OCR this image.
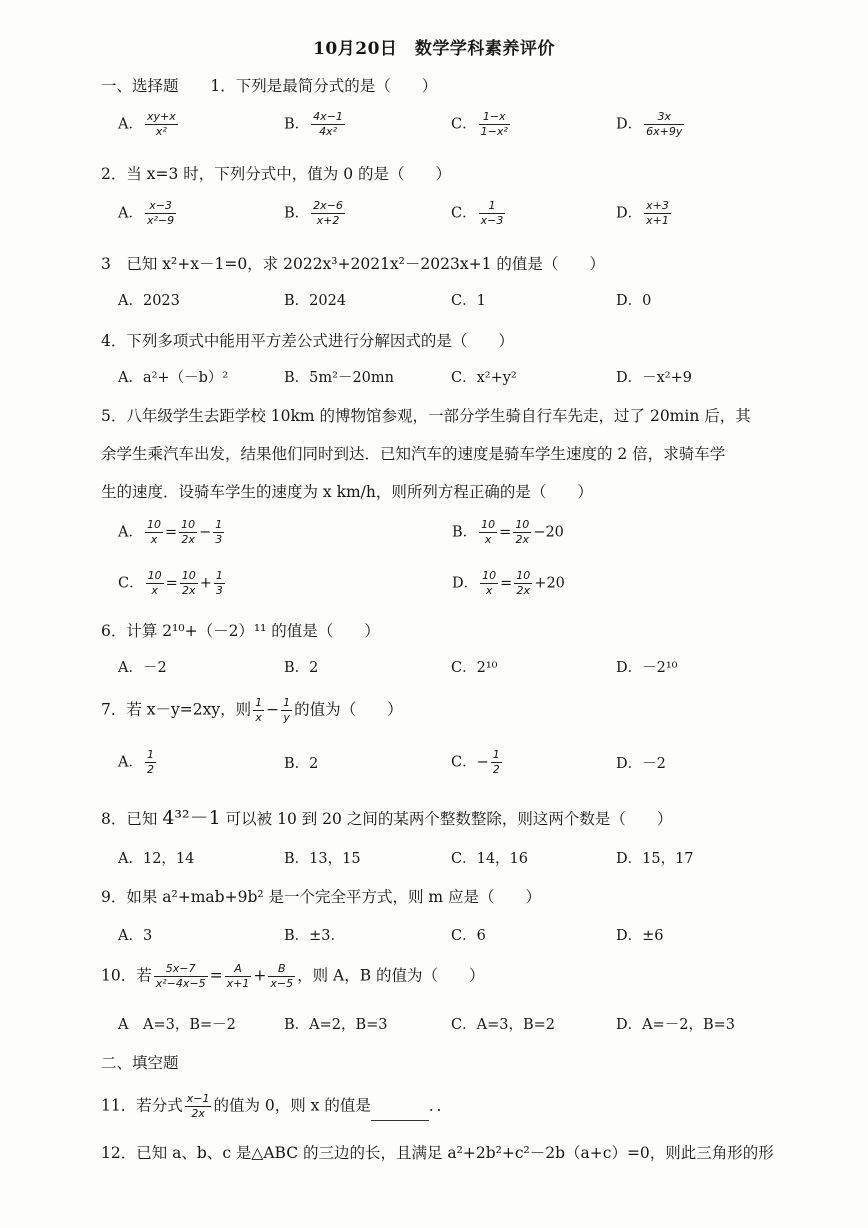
10月20日　数学学科素养评价
一、选择题 1．下列是最简分式的是（　　）
A． $\frac{xy+x}{\text{x²}}$	B． $\frac{4x-1}{\text{4x²}}$	C． $\frac{1-x}{\text{1−x²}}$	D． $\frac{3x}{6x+9y}$
2．当 x=3 时，下列分式中，值为 0 的是（　　）
A． $\frac{x-3}{\text{x²−9}}$	B． $\frac{2x-6}{x+2}$	C． $\frac{1}{x-3}$	D． $\frac{x+3}{x+1}$
3　已知 x²+x－1=0，求 2022x³+2021x²－2023x+1 的值是（　　）
A．2023	B．2024	C．1	D．0
4．下列多项式中能用平方差公式进行分解因式的是（　　）
A．a²+（－b）²	B．5m²－20mn	C．x²+y²	D．－x²+9
5．八年级学生去距学校 10km 的博物馆参观，一部分学生骑自行车先走，过了 20min 后，其
余学生乘汽车出发，结果他们同时到达．已知汽车的速度是骑车学生速度的 2 倍，求骑车学
生的速度．设骑车学生的速度为 x km/h，则所列方程正确的是（　　）
A． $\frac{10}{x} = \frac{10}{2x} - \frac{1}{3}$	B． $\frac{10}{x} = \frac{10}{2x} -20$
C． $\frac{10}{x} = \frac{10}{2x} + \frac{1}{3}$	D． $\frac{10}{x} = \frac{10}{2x} +20$
6．计算 2¹⁰+（－2）¹¹ 的值是（　　）
A．－2	B．2	C．2¹⁰	D．－2¹⁰
7．若 x－y=2xy，则 $\frac{1}{x} - \frac{1}{y}$ 的值为（　　）
A． $\frac{1}{2}$	B．2	C．− $\frac{1}{2}$	D．－2
8．已知 4³²－1 可以被 10 到 20 之间的某两个整数整除，则这两个数是（　　）
A．12，14	B．13，15	C．14，16	D．15，17
9．如果 a²+mab+9b² 是一个完全平方式，则 m 应是（　　）
A．3	B．±3．	C．6	D．±6
10．若 $\frac{5x-7}{\text{x²−4x−5}} = \frac{A}{x+1} + \frac{B}{x-5}$ ，则 A，B 的值为（　　）
A　A=3，B=－2	B．A=2，B=3	C．A=3，B=2	D．A=－2，B=3
二、填空题
11．若分式 $\frac{x-1}{2x}$ 的值为 0，则 x 的值是	．．
12．已知 a、b、c 是△ABC 的三边的长，且满足 a²+2b²+c²－2b（a+c）=0，则此三角形的形
